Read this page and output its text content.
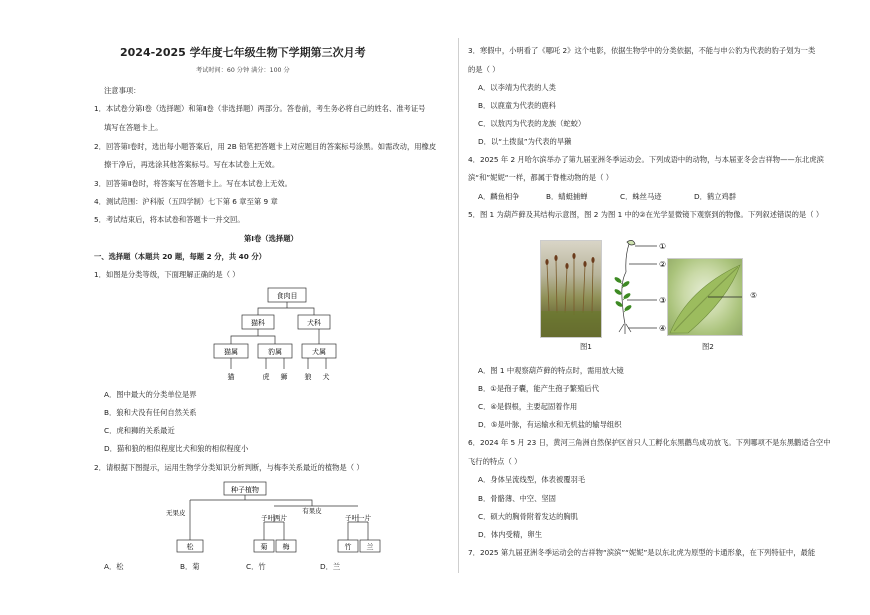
2024-2025 学年度七年级生物下学期第三次月考
考试时间：60 分钟 满分：100 分
注意事项：
1．本试卷分第Ⅰ卷（选择题）和第Ⅱ卷（非选择题）两部分。答卷前，考生务必将自己的姓名、准考证号
填写在答题卡上。
2．回答第Ⅰ卷时，选出每小题答案后，用 2B 铅笔把答题卡上对应题目的答案标号涂黑。如需改动，用橡皮
擦干净后，再选涂其他答案标号。写在本试卷上无效。
3．回答第Ⅱ卷时，将答案写在答题卡上。写在本试卷上无效。
4．测试范围：沪科版（五四学制）七下第 6 章至第 9 章
5．考试结束后，将本试卷和答题卡一并交回。
第Ⅰ卷（选择题）
一、选择题（本题共 20 题，每题 2 分，共 40 分）
1．如图是分类等级，下面理解正确的是（ ）
食肉目
猫科	犬科
猫属	豹属	犬属
猫	虎 狮 狼 犬
A．图中最大的分类单位是界
B．狼和犬没有任何自然关系
C．虎和狮的关系最近
D．猫和狼的相似程度比犬和狼的相似程度小
2．请根据下图提示，运用生物学分类知识分析判断，与梅李关系最近的植物是（ ）
种子植物
无果皮	有果皮
子叶两片	子叶一片
松	菊 梅	竹 兰
A．松	B．菊	C．竹	D．兰
3．寒假中，小明看了《哪吒 2》这个电影，依据生物学中的分类依据，不能与申公豹为代表的豹子划为一类
的是（ ）
A．以李靖为代表的人类
B．以鹿童为代表的鹿科
C．以敖丙为代表的龙族（蛇蛟）
D．以“土拨鼠”为代表的旱獭
4．2025 年 2 月哈尔滨举办了第九届亚洲冬季运动会。下列成语中的动物，与本届亚冬会吉祥物——东北虎滨
滨“和”妮妮“一样，都属于脊椎动物的是（ ）
A．麟鱼相争	B．蜻蜓捕蝉	C．蛛丝马迹	D．鹤立鸡群
5．图 1 为葫芦藓及其结构示意图，图 2 为图 1 中的②在光学显微镜下观察到的物像。下列叙述错误的是（ ）
①
②
③
④
图1
⑤
图2
A．图 1 中观察葫芦藓的特点时，需用放大镜
B．①是孢子囊，能产生孢子繁殖后代
C．④是假根，主要起固着作用
D．⑤是叶脉，有运输水和无机盐的输导组织
6．2024 年 5 月 23 日，黄河三角洲自然保护区首只人工孵化东黑鹳鸟成功放飞。下列哪项不是东黑鹳适合空中
飞行的特点（ ）
A．身体呈流线型，体表被覆羽毛
B．骨骼薄、中空、坚固
C．硕大的胸骨附着发达的胸肌
D．体内受精，卵生
7．2025 第九届亚洲冬季运动会的吉祥物“滨滨”“妮妮”是以东北虎为原型的卡通形象，在下列特征中，最能
